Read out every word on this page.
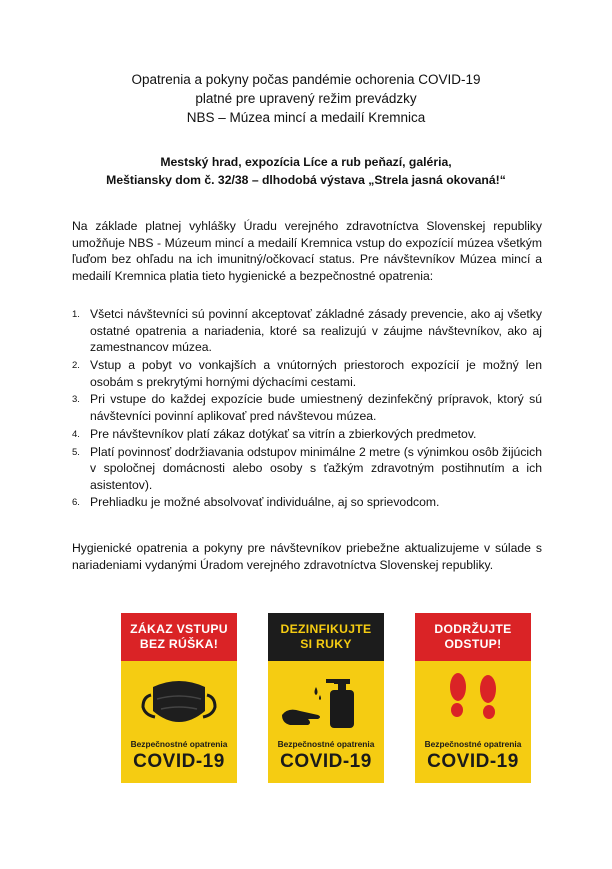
Opatrenia a pokyny počas pandémie ochorenia COVID-19
platné pre upravený režim prevádzky
NBS – Múzea mincí a medailí Kremnica
Mestský hrad, expozícia Líce a rub peňazí, galéria,
Meštiansky dom č. 32/38 – dlhodobá výstava „Strela jasná okovaná!“

Na základe platnej vyhlášky Úradu verejného zdravotníctva Slovenskej republiky umožňuje NBS - Múzeum mincí a medailí Kremnica vstup do expozícií múzea všetkým ľuďom bez ohľadu na ich imunitný/očkovací status. Pre návštevníkov Múzea mincí a medailí Kremnica platia tieto hygienické a bezpečnostné opatrenia:

1. Všetci návštevníci sú povinní akceptovať základné zásady prevencie, ako aj všetky ostatné opatrenia a nariadenia, ktoré sa realizujú v záujme návštevníkov, ako aj zamestnancov múzea.
2. Vstup a pobyt vo vonkajších a vnútorných priestoroch expozícií je možný len osobám s prekrytými hornými dýchacími cestami.
3. Pri vstupe do každej expozície bude umiestnený dezinfekčný prípravok, ktorý sú návštevníci povinní aplikovať pred návštevou múzea.
4. Pre návštevníkov platí zákaz dotýkať sa vitrín a zbierkových predmetov.
5. Platí povinnosť dodržiavania odstupov minimálne 2 metre (s výnimkou osôb žijúcich v spoločnej domácnosti alebo osoby s ťažkým zdravotným postihnutím a ich asistentov).
6. Prehliadku je možné absolvovať individuálne, aj so sprievodcom.

Hygienické opatrenia a pokyny pre návštevníkov priebežne aktualizujeme v súlade s nariadeniami vydanými Úradom verejného zdravotníctva Slovenskej republiky.

ZÁKAZ VSTUPU
BEZ RÚŠKA!
Bezpečnostné opatrenia
COVID-19
DEZINFIKUJTE
SI RUKY
Bezpečnostné opatrenia
COVID-19
DODRŽUJTE
ODSTUP!
Bezpečnostné opatrenia
COVID-19
